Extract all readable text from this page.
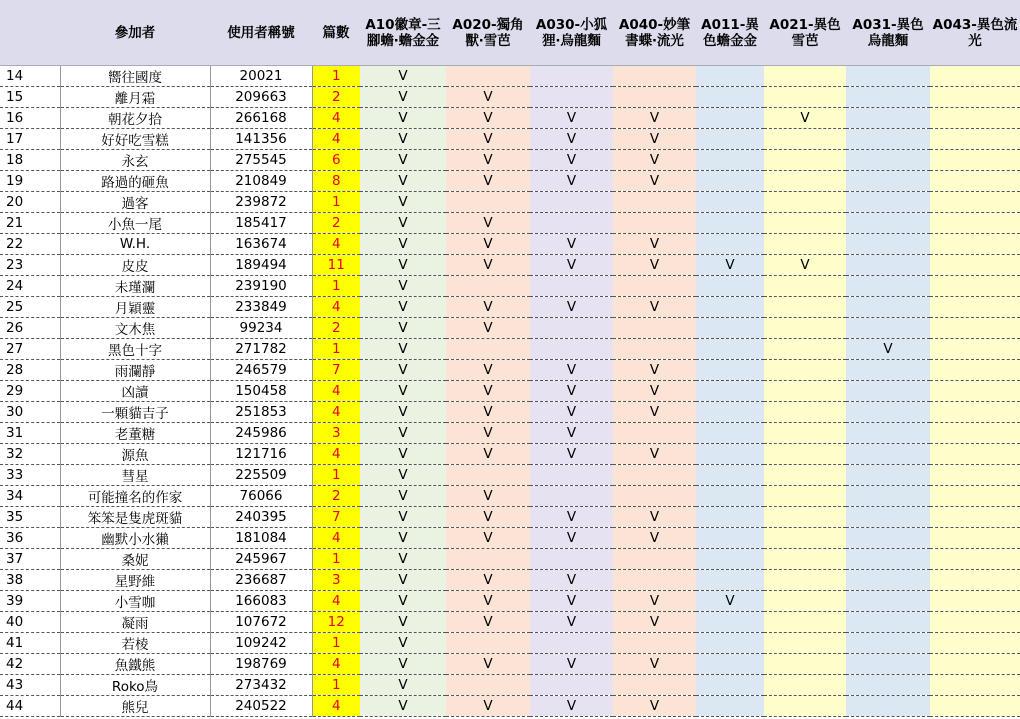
	參加者	使用者稱號	篇數	A10徽章-三腳蟾‧蟾金金	A020-獨角獸‧雪芭	A030-小狐狸‧烏龍麵	A040-妙筆書蝶‧流光	A011-異色蟾金金	A021-異色雪芭	A031-異色烏龍麵	A043-異色流光
14	嚮往國度	20021	1	V							
15	離月霜	209663	2	V	V						
16	朝花夕拾	266168	4	V	V	V	V		V		
17	好好吃雪糕	141356	4	V	V	V	V				
18	永玄	275545	6	V	V	V	V				
19	路過的砸魚	210849	8	V	V	V	V				
20	過客	239872	1	V							
21	小魚一尾	185417	2	V	V						
22	W.H.	163674	4	V	V	V	V				
23	皮皮	189494	11	V	V	V	V	V	V		
24	未瑾瀾	239190	1	V							
25	月穎靈	233849	4	V	V	V	V				
26	文木焦	99234	2	V	V						
27	黑色十字	271782	1	V						V	
28	雨瀾靜	246579	7	V	V	V	V				
29	凶讀	150458	4	V	V	V	V				
30	一顆貓吉子	251853	4	V	V	V	V				
31	老董糖	245986	3	V	V	V					
32	源魚	121716	4	V	V	V	V				
33	彗星	225509	1	V							
34	可能撞名的作家	76066	2	V	V						
35	笨笨是隻虎斑貓	240395	7	V	V	V	V				
36	幽默小水獺	181084	4	V	V	V	V				
37	桑妮	245967	1	V							
38	星野維	236687	3	V	V	V					
39	小雪咖	166083	4	V	V	V	V	V			
40	凝雨	107672	12	V	V	V	V				
41	若棱	109242	1	V							
42	魚鐵熊	198769	4	V	V	V	V				
43	Roko鳥	273432	1	V							
44	熊兒	240522	4	V	V	V	V				
